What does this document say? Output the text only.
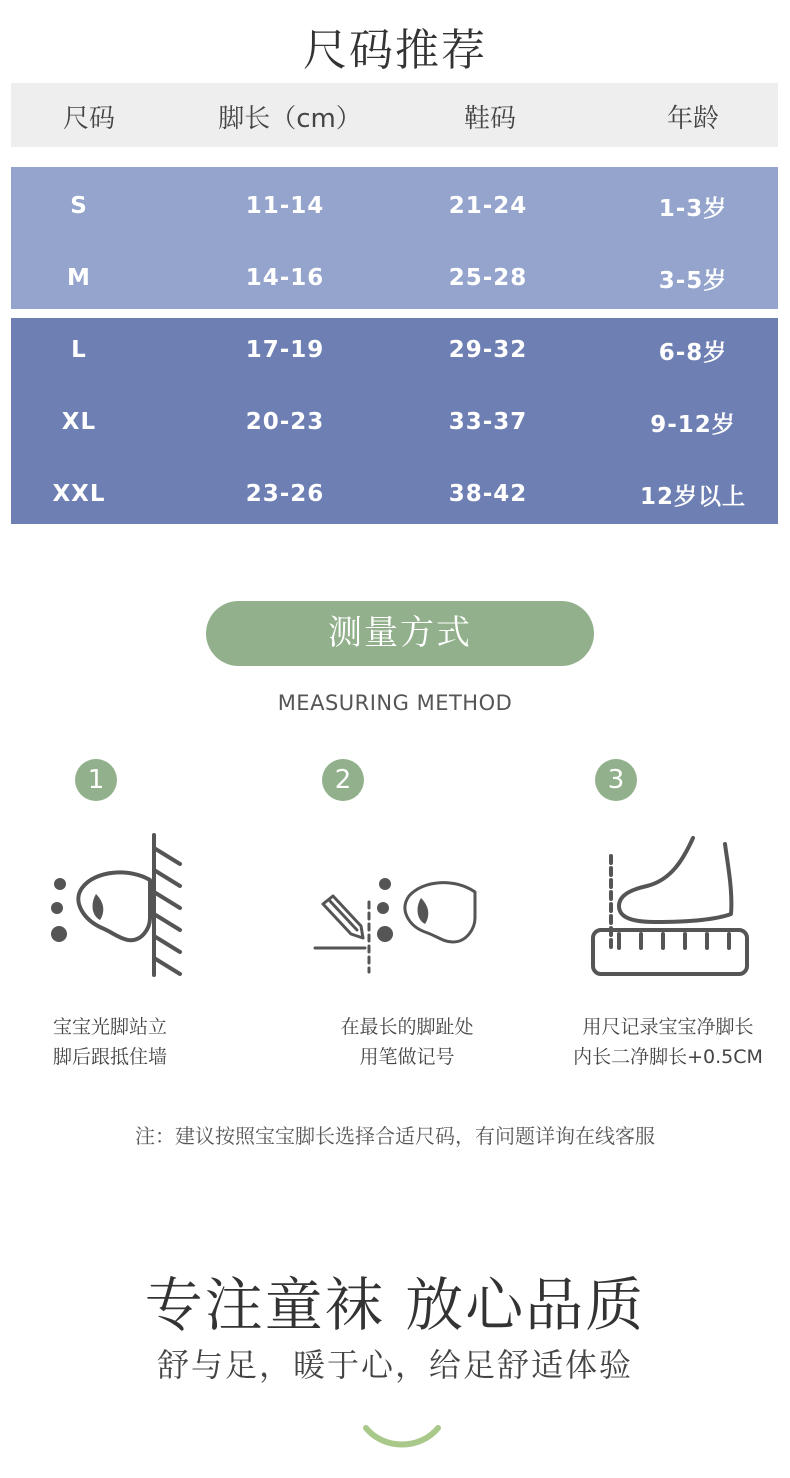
尺码推荐
尺码	脚长（cm）	鞋码	年龄
S	11-14	21-24	1-3岁
M	14-16	25-28	3-5岁
L	17-19	29-32	6-8岁
XL	20-23	33-37	9-12岁
XXL	23-26	38-42	12岁以上
测量方式
MEASURING METHOD
1	2	3
宝宝光脚站立
脚后跟抵住墙
在最长的脚趾处
用笔做记号
用尺记录宝宝净脚长
内长二净脚长+0.5CM
注：建议按照宝宝脚长选择合适尺码，有问题详询在线客服
专注童袜 放心品质
舒与足，暖于心，给足舒适体验
